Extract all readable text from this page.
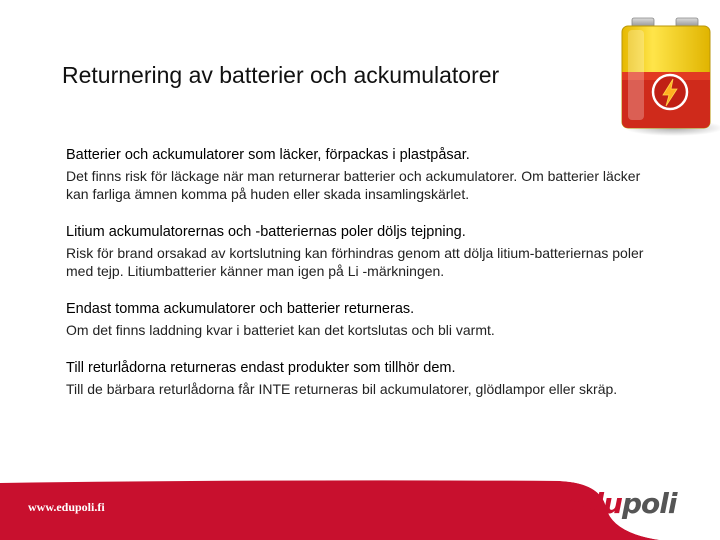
Returnering av batterier och ackumulatorer
Batterier och ackumulatorer som läcker, förpackas i plastpåsar.
Det finns risk för läckage när man returnerar batterier och ackumulatorer. Om batterier läcker kan farliga ämnen komma på huden eller skada insamlingskärlet.
Litium ackumulatorernas och -batteriernas poler döljs tejpning.
Risk för brand orsakad av kortslutning kan förhindras genom att dölja litium-batteriernas poler med tejp. Litiumbatterier känner man igen på Li -märkningen.
Endast tomma ackumulatorer och batterier returneras.
Om det finns laddning kvar i batteriet kan det kortslutas och bli varmt.
Till returlådorna returneras endast produkter som tillhör dem.
Till de bärbara returlådorna får INTE returneras bil ackumulatorer, glödlampor eller skräp.
www.edupoli.fi	edupoli
